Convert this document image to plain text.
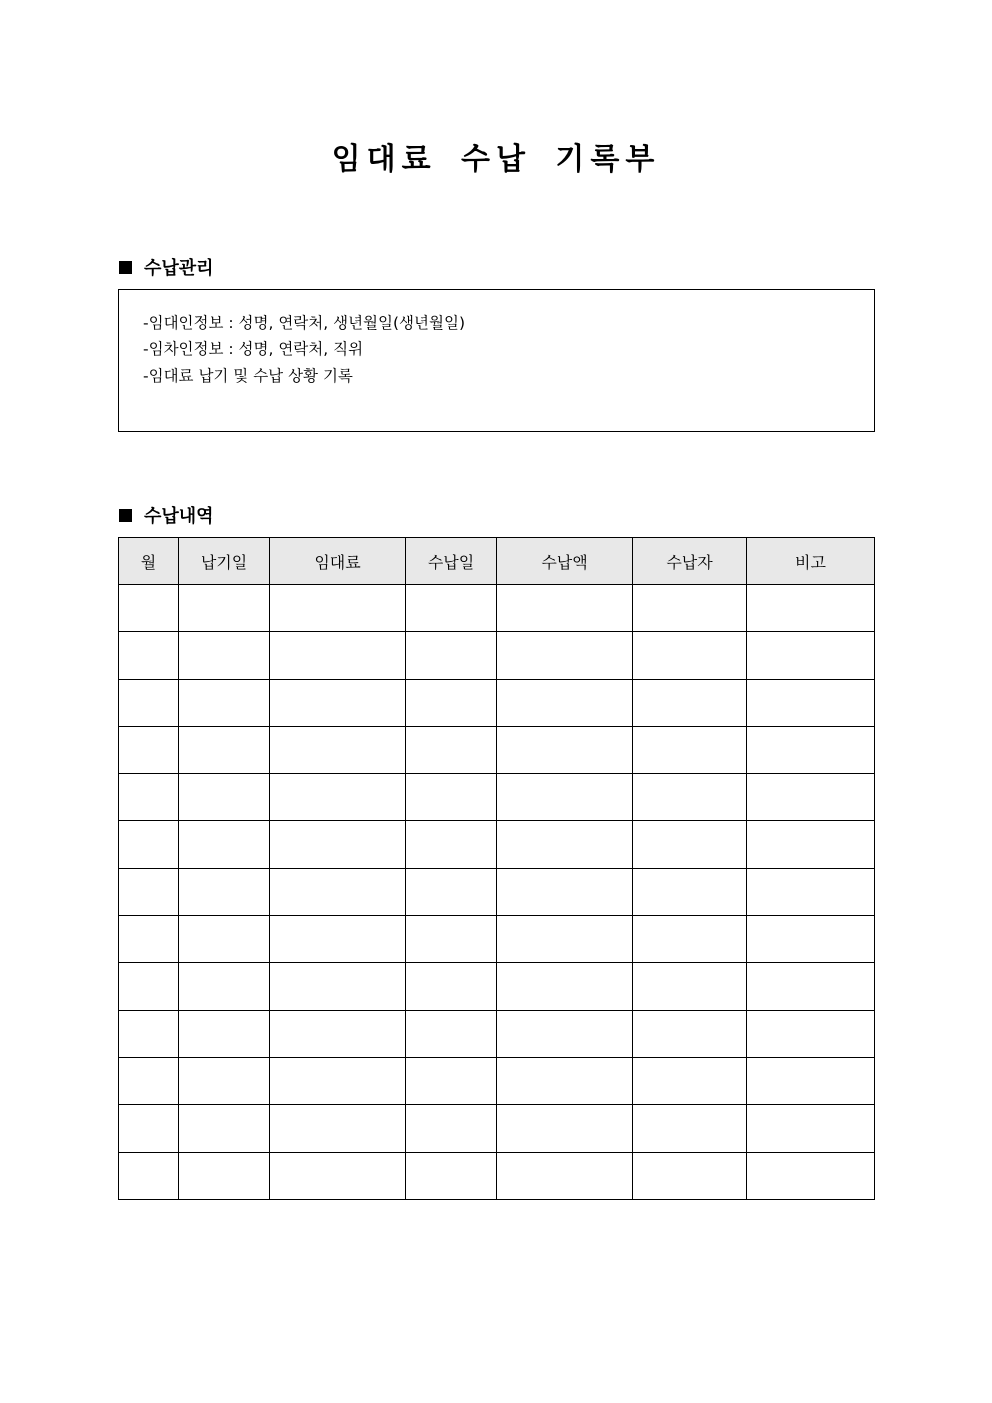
임대료 수납 기록부
수납관리

-임대인정보 : 성명, 연락처, 생년월일(생년월일)

-임차인정보 : 성명, 연락처, 직위

-임대료 납기 및 수납 상황 기록

수납내역
월	납기일	임대료	수납일	수납액	수납자	비고
